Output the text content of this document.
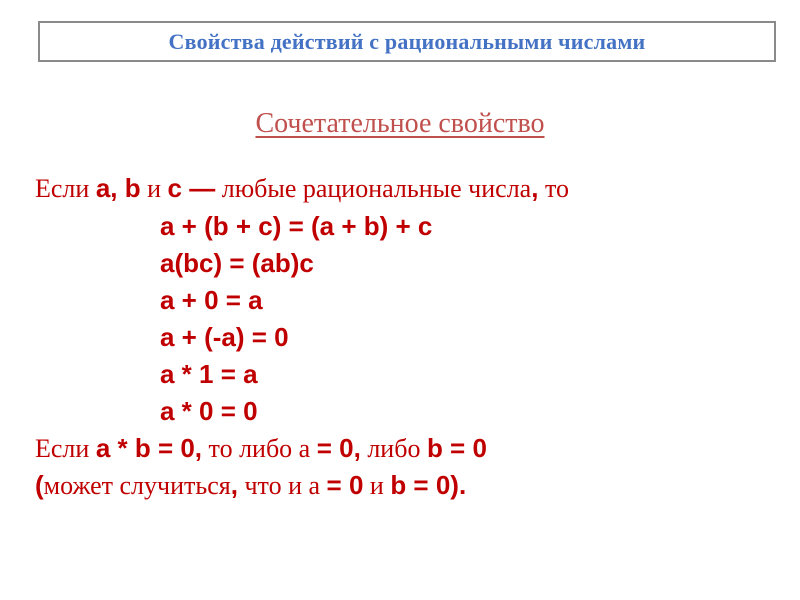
Свойства действий с рациональными числами
Сочетательное свойство
Если a, b и c — любые рациональные числа, то
a + (b + c) = (a + b) + c
a(bc) = (ab)c
a + 0 = a
a + (-a) = 0
a * 1 = a
a * 0 = 0
Если a * b = 0, то либо а = 0, либо b = 0
(может случиться, что и а = 0 и b = 0).
